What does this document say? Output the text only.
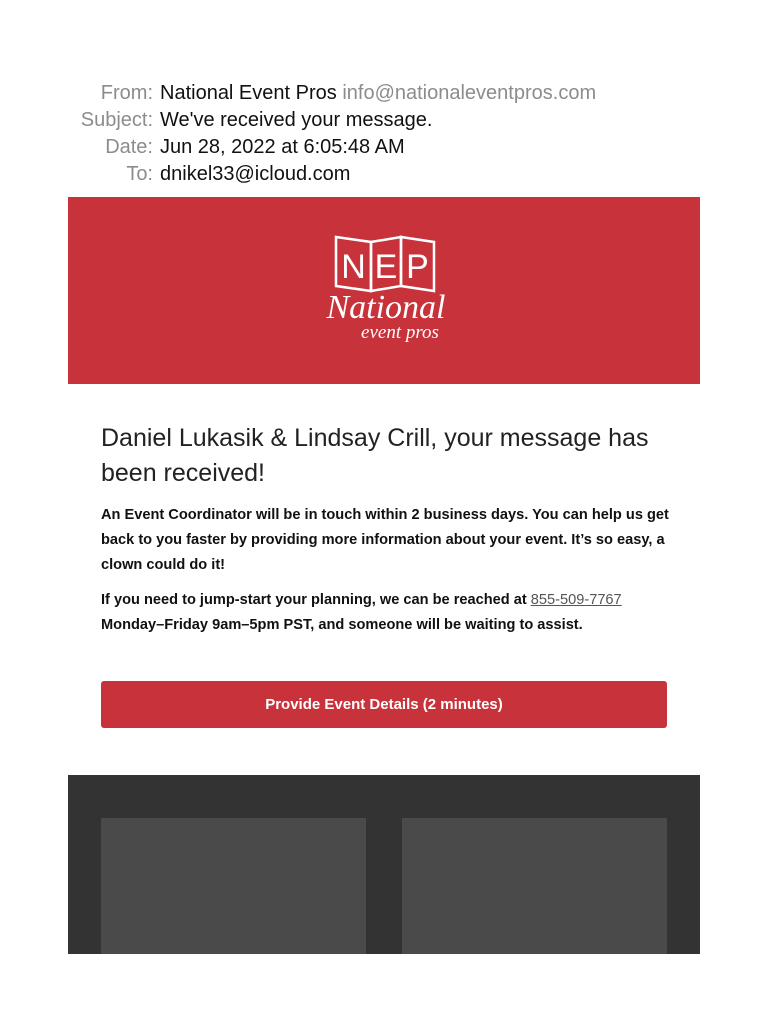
From: National Event Pros info@nationaleventpros.com
Subject: We've received your message.
Date: Jun 28, 2022 at 6:05:48 AM
To: dnikel33@icloud.com
N E P
National
event pros
Daniel Lukasik & Lindsay Crill, your message has been received!

An Event Coordinator will be in touch within 2 business days. You can help us get back to you faster by providing more information about your event. It’s so easy, a clown could do it!

If you need to jump-start your planning, we can be reached at 855-509-7767 Monday–Friday 9am–5pm PST, and someone will be waiting to assist.

Provide Event Details (2 minutes)
